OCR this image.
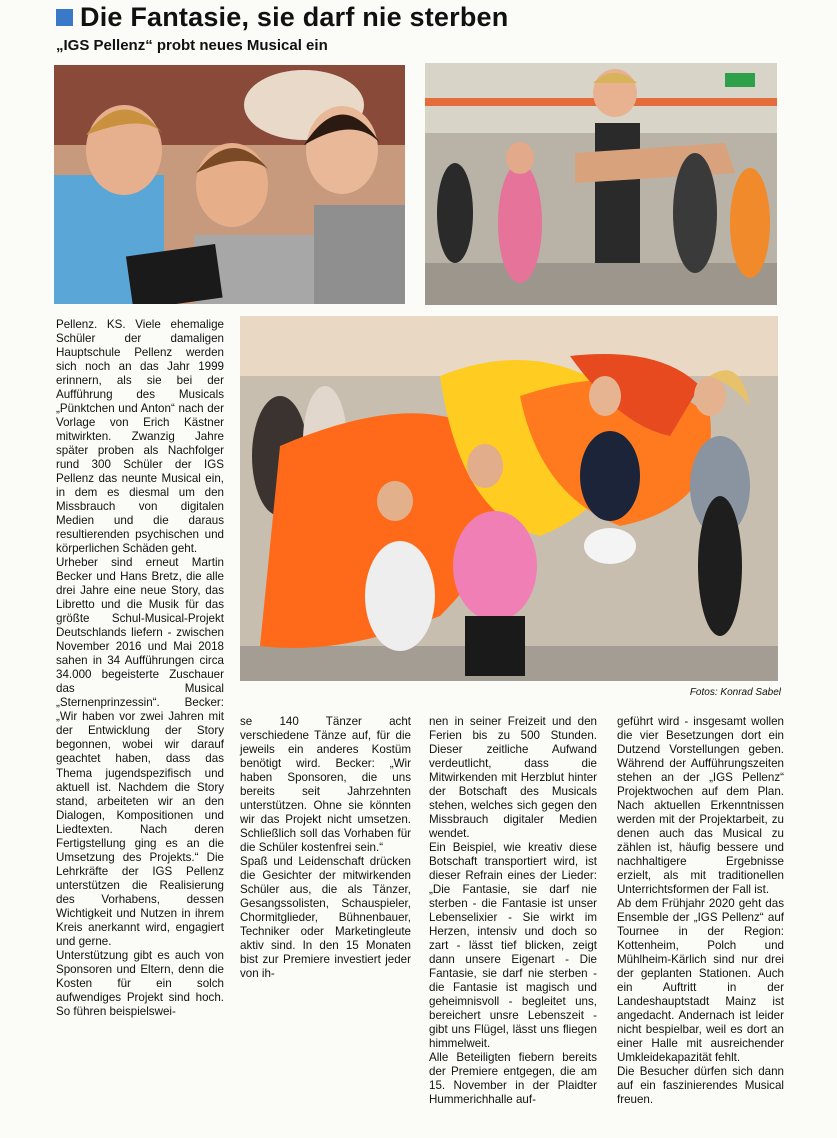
Die Fantasie, sie darf nie sterben
„IGS Pellenz“ probt neues Musical ein
Fotos: Konrad Sabel

Pellenz. KS. Viele ehemalige Schüler der damaligen Hauptschule Pellenz werden sich noch an das Jahr 1999 erinnern, als sie bei der Aufführung des Musicals „Pünktchen und Anton“ nach der Vorlage von Erich Kästner mitwirkten. Zwanzig Jahre später proben als Nachfolger rund 300 Schüler der IGS Pellenz das neunte Musical ein, in dem es diesmal um den Missbrauch von digitalen Medien und die daraus resultierenden psychischen und körperlichen Schäden geht.

Urheber sind erneut Martin Becker und Hans Bretz, die alle drei Jahre eine neue Story, das Libretto und die Musik für das größte Schul-Musical-Projekt Deutschlands liefern - zwischen November 2016 und Mai 2018 sahen in 34 Aufführungen circa 34.000 begeisterte Zuschauer das Musical „Sternenprinzessin“. Becker: „Wir haben vor zwei Jahren mit der Entwicklung der Story begonnen, wobei wir darauf geachtet haben, dass das Thema jugendspezifisch und aktuell ist. Nachdem die Story stand, arbeiteten wir an den Dialogen, Kompositionen und Liedtexten. Nach deren Fertigstellung ging es an die Umsetzung des Projekts.“ Die Lehrkräfte der IGS Pellenz unterstützen die Realisierung des Vorhabens, dessen Wichtigkeit und Nutzen in ihrem Kreis anerkannt wird, engagiert und gerne.

Unterstützung gibt es auch von Sponsoren und Eltern, denn die Kosten für ein solch aufwendiges Projekt sind hoch. So führen beispielswei-

se 140 Tänzer acht verschiedene Tänze auf, für die jeweils ein anderes Kostüm benötigt wird. Becker: „Wir haben Sponsoren, die uns bereits seit Jahrzehnten unterstützen. Ohne sie könnten wir das Projekt nicht umsetzen. Schließlich soll das Vorhaben für die Schüler kostenfrei sein.“

Spaß und Leidenschaft drücken die Gesichter der mitwirkenden Schüler aus, die als Tänzer, Gesangssolisten, Schauspieler, Chormitglieder, Bühnenbauer, Techniker oder Marketingleute aktiv sind. In den 15 Monaten bist zur Premiere investiert jeder von ih-

nen in seiner Freizeit und den Ferien bis zu 500 Stunden. Dieser zeitliche Aufwand verdeutlicht, dass die Mitwirkenden mit Herzblut hinter der Botschaft des Musicals stehen, welches sich gegen den Missbrauch digitaler Medien wendet.

Ein Beispiel, wie kreativ diese Botschaft transportiert wird, ist dieser Refrain eines der Lieder: „Die Fantasie, sie darf nie sterben - die Fantasie ist unser Lebenselixier - Sie wirkt im Herzen, intensiv und doch so zart - lässt tief blicken, zeigt dann unsere Eigenart - Die Fantasie, sie darf nie sterben - die Fantasie ist magisch und geheimnisvoll - begleitet uns, bereichert unsre Lebenszeit - gibt uns Flügel, lässt uns fliegen himmelweit.

Alle Beteiligten fiebern bereits der Premiere entgegen, die am 15. November in der Plaidter Hummerichhalle auf-

geführt wird - insgesamt wollen die vier Besetzungen dort ein Dutzend Vorstellungen geben. Während der Aufführungszeiten stehen an der „IGS Pellenz“ Projektwochen auf dem Plan. Nach aktuellen Erkenntnissen werden mit der Projektarbeit, zu denen auch das Musical zu zählen ist, häufig bessere und nachhaltigere Ergebnisse erzielt, als mit traditionellen Unterrichtsformen der Fall ist.

Ab dem Frühjahr 2020 geht das Ensemble der „IGS Pellenz“ auf Tournee in der Region: Kottenheim, Polch und Mühlheim-Kärlich sind nur drei der geplanten Stationen. Auch ein Auftritt in der Landeshauptstadt Mainz ist angedacht. Andernach ist leider nicht bespielbar, weil es dort an einer Halle mit ausreichender Umkleidekapazität fehlt.

Die Besucher dürfen sich dann auf ein faszinierendes Musical freuen.
